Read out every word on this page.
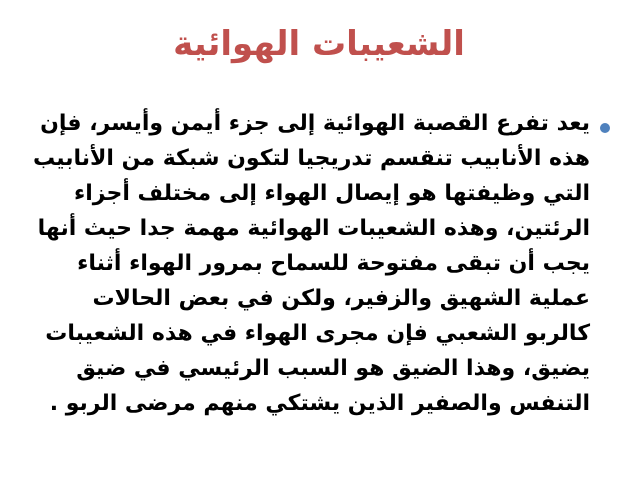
الشعيبات الهوائية
يعد تفرع القصبة الهوائية إلى جزء أيمن وأيسر، فإن
هذه الأنابيب تنقسم تدريجيا لتكون شبكة من الأنابيب
التي وظيفتها هو إيصال الهواء إلى مختلف أجزاء
الرئتين، وهذه الشعيبات الهوائية مهمة جدا حيث أنها
يجب أن تبقى مفتوحة للسماح بمرور الهواء أثناء
عملية الشهيق والزفير، ولكن في بعض الحالات
كالربو الشعبي فإن مجرى الهواء في هذه الشعيبات
يضيق، وهذا الضيق هو السبب الرئيسي في ضيق
التنفس والصفير الذين يشتكي منهم مرضى الربو .
